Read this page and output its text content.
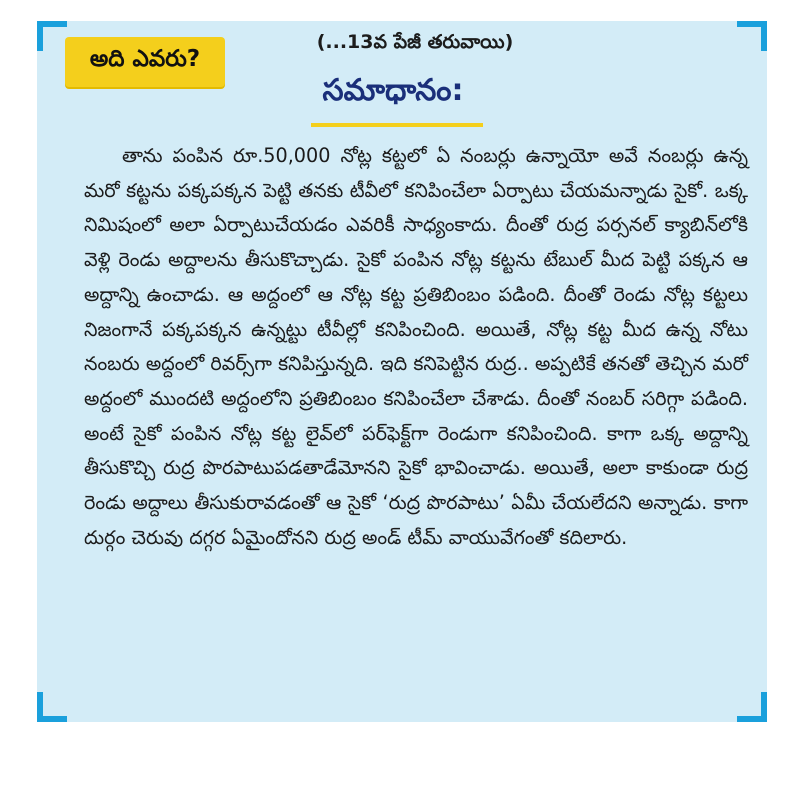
అది ఎవరు?
(...13వ పేజీ తరువాయి)
సమాధానం:

తాను పంపిన రూ.50,000 నోట్ల కట్టలో ఏ నంబర్లు ఉన్నాయో అవే నంబర్లు ఉన్న మరో కట్టను పక్కపక్కన పెట్టి తనకు టీవీలో కనిపించేలా ఏర్పాటు చేయమన్నాడు సైకో. ఒక్క నిమిషంలో అలా ఏర్పాటుచేయడం ఎవరికీ సాధ్యంకాదు. దీంతో రుద్ర పర్సనల్ క్యాబిన్‌లోకి వెళ్లి రెండు అద్దాలను తీసుకొచ్చాడు. సైకో పంపిన నోట్ల కట్టను టేబుల్ మీద పెట్టి పక్కన ఆ అద్దాన్ని ఉంచాడు. ఆ అద్దంలో ఆ నోట్ల కట్ట ప్రతిబింబం పడింది. దీంతో రెండు నోట్ల కట్టలు నిజంగానే పక్కపక్కన ఉన్నట్టు టీవీల్లో కనిపించింది. అయితే, నోట్ల కట్ట మీద ఉన్న నోటు నంబరు అద్దంలో రివర్స్‌గా కనిపిస్తున్నది. ఇది కనిపెట్టిన రుద్ర.. అప్పటికే తనతో తెచ్చిన మరో అద్దంలో ముందటి అద్దంలోని ప్రతిబింబం కనిపించేలా చేశాడు. దీంతో నంబర్ సరిగ్గా పడింది. అంటే సైకో పంపిన నోట్ల కట్ట లైవ్‌లో పర్‌ఫెక్ట్‌గా రెండుగా కనిపించింది. కాగా ఒక్క అద్దాన్ని తీసుకొచ్చి రుద్ర పొరపాటుపడతాడేమోనని సైకో భావించాడు. అయితే, అలా కాకుండా రుద్ర రెండు అద్దాలు తీసుకురావడంతో ఆ సైకో ‘రుద్ర పొరపాటు’ ఏమీ చేయలేదని అన్నాడు. కాగా దుర్గం చెరువు దగ్గర ఏమైందోనని రుద్ర అండ్ టీమ్ వాయువేగంతో కదిలారు.
